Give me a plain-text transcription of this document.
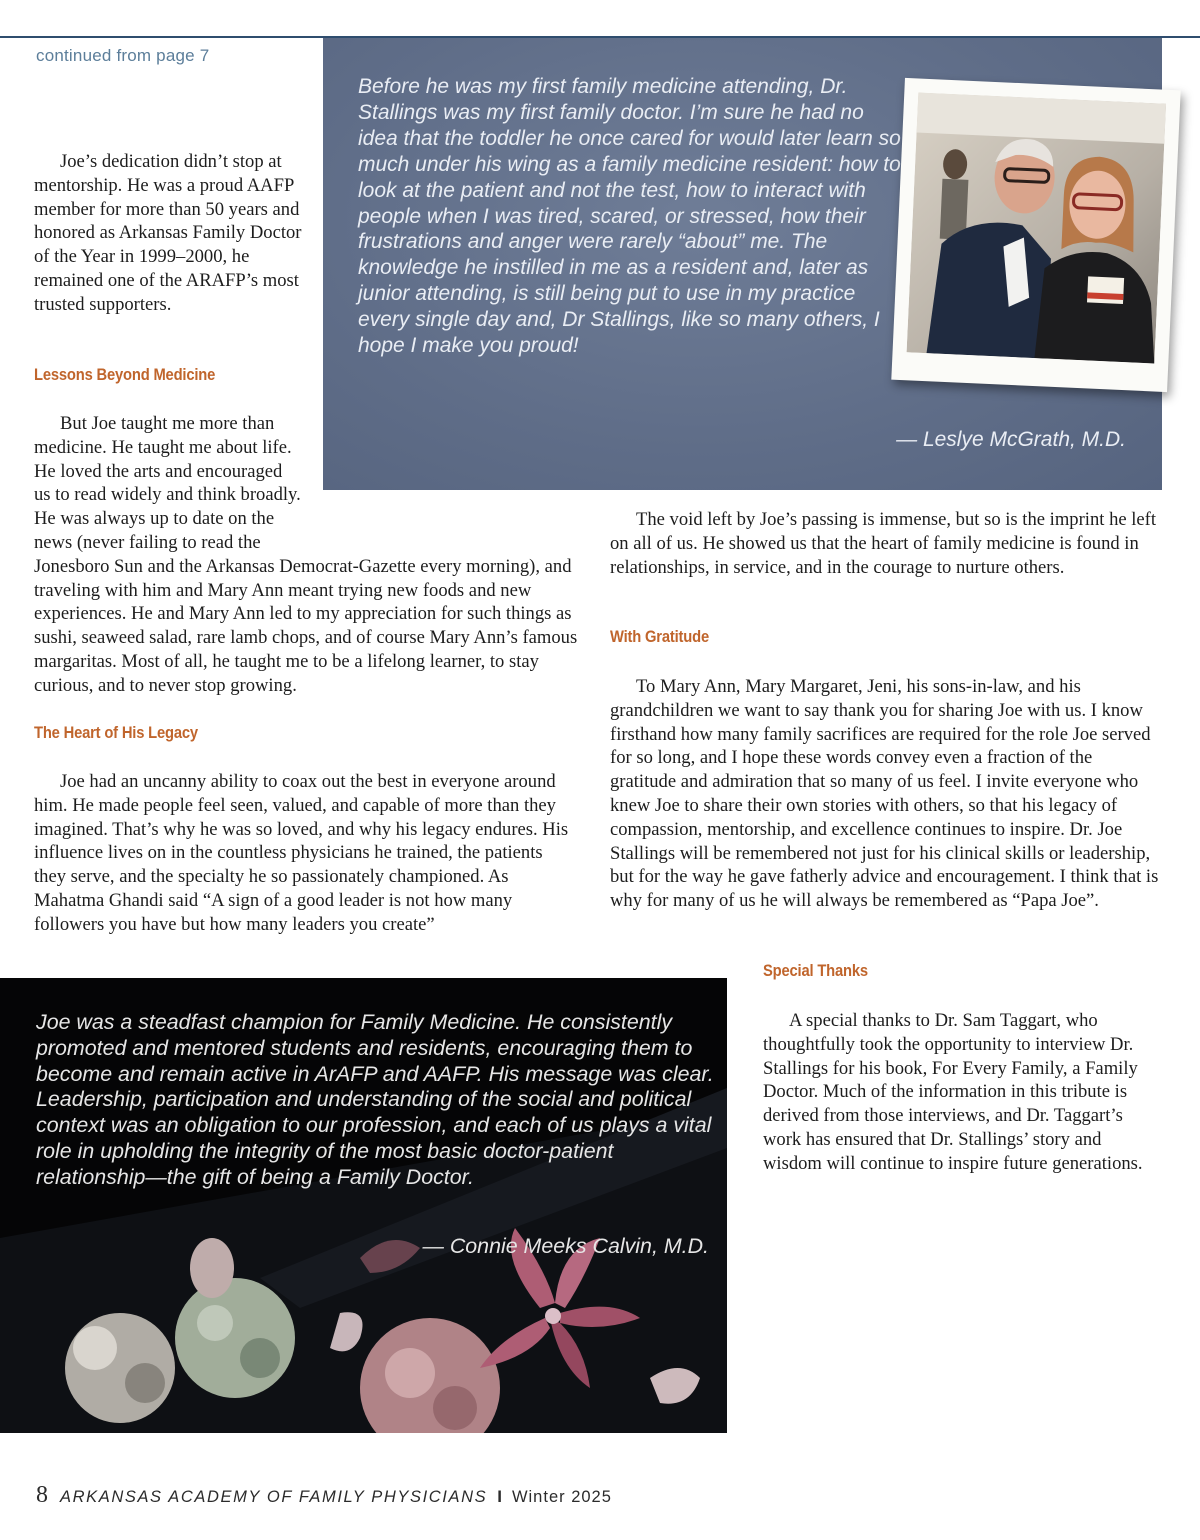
continued from page 7

Before he was my first family medicine attending, Dr. Stallings was my first family doctor. I’m sure he had no idea that the toddler he once cared for would later learn so much under his wing as a family medicine resident: how to look at the patient and not the test, how to interact with people when I was tired, scared, or stressed, how their frustrations and anger were rarely “about” me. The knowledge he instilled in me as a resident and, later as junior attending, is still being put to use in my practice every single day and, Dr Stallings, like so many others, I hope I make you proud!

— Leslye McGrath, M.D.

Joe’s dedication didn’t stop at mentorship. He was a proud AAFP member for more than 50 years and honored as Arkansas Family Doctor of the Year in 1999–2000, he remained one of the ARAFP’s most trusted supporters.

Lessons Beyond Medicine

But Joe taught me more than medicine. He taught me about life. He loved the arts and encouraged us to read widely and think broadly. He was always up to date on the news (never failing to read the Jonesboro Sun and the Arkansas Democrat-Gazette every morning), and traveling with him and Mary Ann meant trying new foods and new experiences. He and Mary Ann led to my appreciation for such things as sushi, seaweed salad, rare lamb chops, and of course Mary Ann’s famous margaritas. Most of all, he taught me to be a lifelong learner, to stay curious, and to never stop growing.

The Heart of His Legacy

Joe had an uncanny ability to coax out the best in everyone around him. He made people feel seen, valued, and capable of more than they imagined. That’s why he was so loved, and why his legacy endures. His influence lives on in the countless physicians he trained, the patients they serve, and the specialty he so passionately championed. As Mahatma Ghandi said “A sign of a good leader is not how many followers you have but how many leaders you create”

The void left by Joe’s passing is immense, but so is the imprint he left on all of us. He showed us that the heart of family medicine is found in relationships, in service, and in the courage to nurture others.

With Gratitude

To Mary Ann, Mary Margaret, Jeni, his sons-in-law, and his grandchildren we want to say thank you for sharing Joe with us. I know firsthand how many family sacrifices are required for the role Joe served for so long, and I hope these words convey even a fraction of the gratitude and admiration that so many of us feel. I invite everyone who knew Joe to share their own stories with others, so that his legacy of compassion, mentorship, and excellence continues to inspire. Dr. Joe Stallings will be remembered not just for his clinical skills or leadership, but for the way he gave fatherly advice and encouragement. I think that is why for many of us he will always be remembered as “Papa Joe”.

Special Thanks

A special thanks to Dr. Sam Taggart, who thoughtfully took the opportunity to interview Dr. Stallings for his book, For Every Family, a Family Doctor. Much of the information in this tribute is derived from those interviews, and Dr. Taggart’s work has ensured that Dr. Stallings’ story and wisdom will continue to inspire future generations.

Joe was a steadfast champion for Family Medicine. He consistently promoted and mentored students and residents, encouraging them to become and remain active in ArAFP and AAFP. His message was clear. Leadership, participation and understanding of the social and political context was an obligation to our profession, and each of us plays a vital role in upholding the integrity of the most basic doctor-patient relationship—the gift of being a Family Doctor.

— Connie Meeks Calvin, M.D.
8 ARKANSAS ACADEMY OF FAMILY PHYSICIANS I Winter 2025
